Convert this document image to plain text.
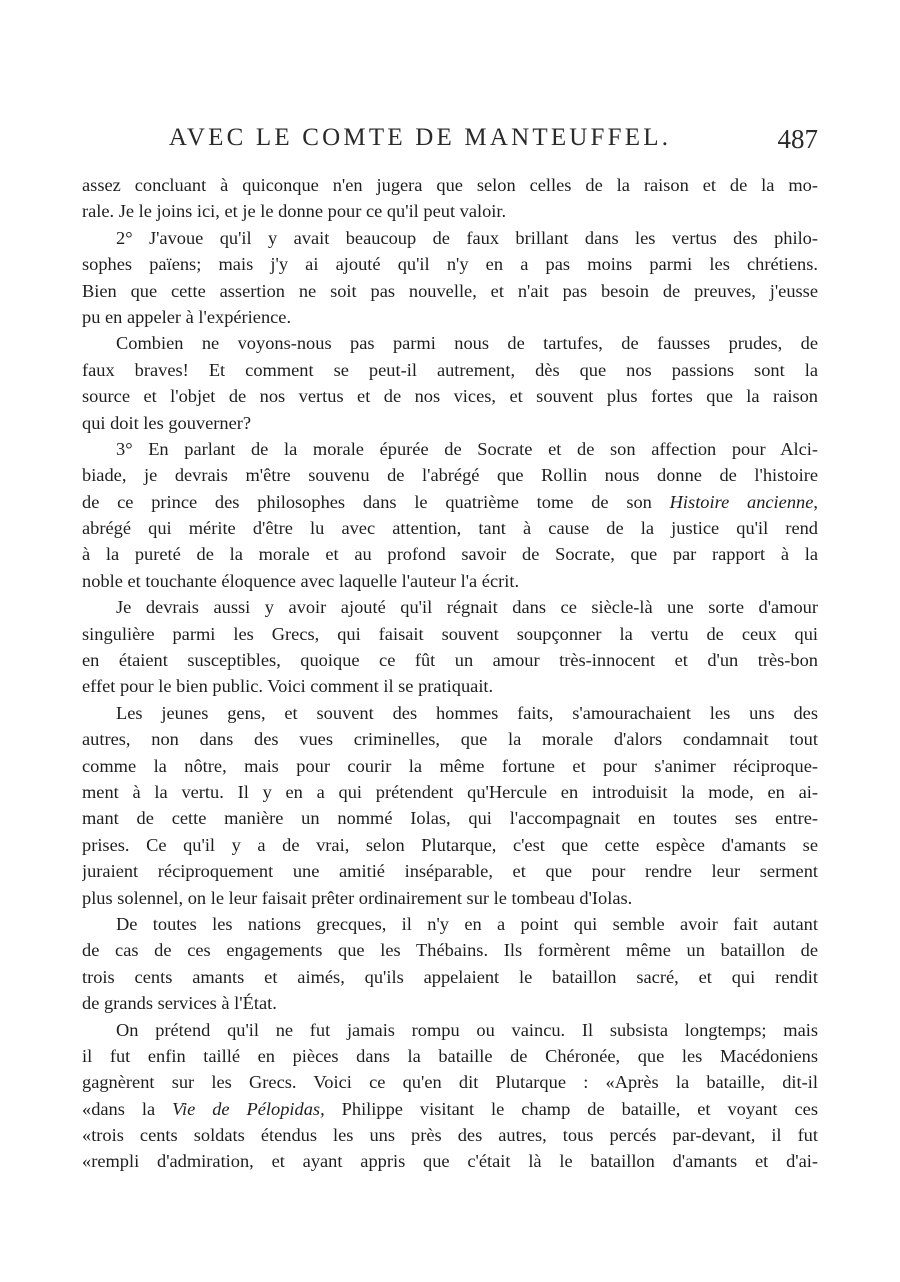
AVEC LE COMTE DE MANTEUFFEL.	487

assez concluant à quiconque n'en jugera que selon celles de la raison et de la mo-
rale. Je le joins ici, et je le donne pour ce qu'il peut valoir.

2° J'avoue qu'il y avait beaucoup de faux brillant dans les vertus des philo-
sophes païens; mais j'y ai ajouté qu'il n'y en a pas moins parmi les chrétiens.
Bien que cette assertion ne soit pas nouvelle, et n'ait pas besoin de preuves, j'eusse
pu en appeler à l'expérience.

Combien ne voyons-nous pas parmi nous de tartufes, de fausses prudes, de
faux braves! Et comment se peut-il autrement, dès que nos passions sont la
source et l'objet de nos vertus et de nos vices, et souvent plus fortes que la raison
qui doit les gouverner?

3° En parlant de la morale épurée de Socrate et de son affection pour Alci-
biade, je devrais m'être souvenu de l'abrégé que Rollin nous donne de l'histoire
de ce prince des philosophes dans le quatrième tome de son Histoire ancienne,
abrégé qui mérite d'être lu avec attention, tant à cause de la justice qu'il rend
à la pureté de la morale et au profond savoir de Socrate, que par rapport à la
noble et touchante éloquence avec laquelle l'auteur l'a écrit.

Je devrais aussi y avoir ajouté qu'il régnait dans ce siècle-là une sorte d'amour
singulière parmi les Grecs, qui faisait souvent soupçonner la vertu de ceux qui
en étaient susceptibles, quoique ce fût un amour très-innocent et d'un très-bon
effet pour le bien public. Voici comment il se pratiquait.

Les jeunes gens, et souvent des hommes faits, s'amourachaient les uns des
autres, non dans des vues criminelles, que la morale d'alors condamnait tout
comme la nôtre, mais pour courir la même fortune et pour s'animer réciproque-
ment à la vertu. Il y en a qui prétendent qu'Hercule en introduisit la mode, en ai-
mant de cette manière un nommé Iolas, qui l'accompagnait en toutes ses entre-
prises. Ce qu'il y a de vrai, selon Plutarque, c'est que cette espèce d'amants se
juraient réciproquement une amitié inséparable, et que pour rendre leur serment
plus solennel, on le leur faisait prêter ordinairement sur le tombeau d'Iolas.

De toutes les nations grecques, il n'y en a point qui semble avoir fait autant
de cas de ces engagements que les Thébains. Ils formèrent même un bataillon de
trois cents amants et aimés, qu'ils appelaient le bataillon sacré, et qui rendit
de grands services à l'État.

On prétend qu'il ne fut jamais rompu ou vaincu. Il subsista longtemps; mais
il fut enfin taillé en pièces dans la bataille de Chéronée, que les Macédoniens
gagnèrent sur les Grecs. Voici ce qu'en dit Plutarque : «Après la bataille, dit-il
«dans la Vie de Pélopidas, Philippe visitant le champ de bataille, et voyant ces
«trois cents soldats étendus les uns près des autres, tous percés par-devant, il fut
«rempli d'admiration, et ayant appris que c'était là le bataillon d'amants et d'ai-
